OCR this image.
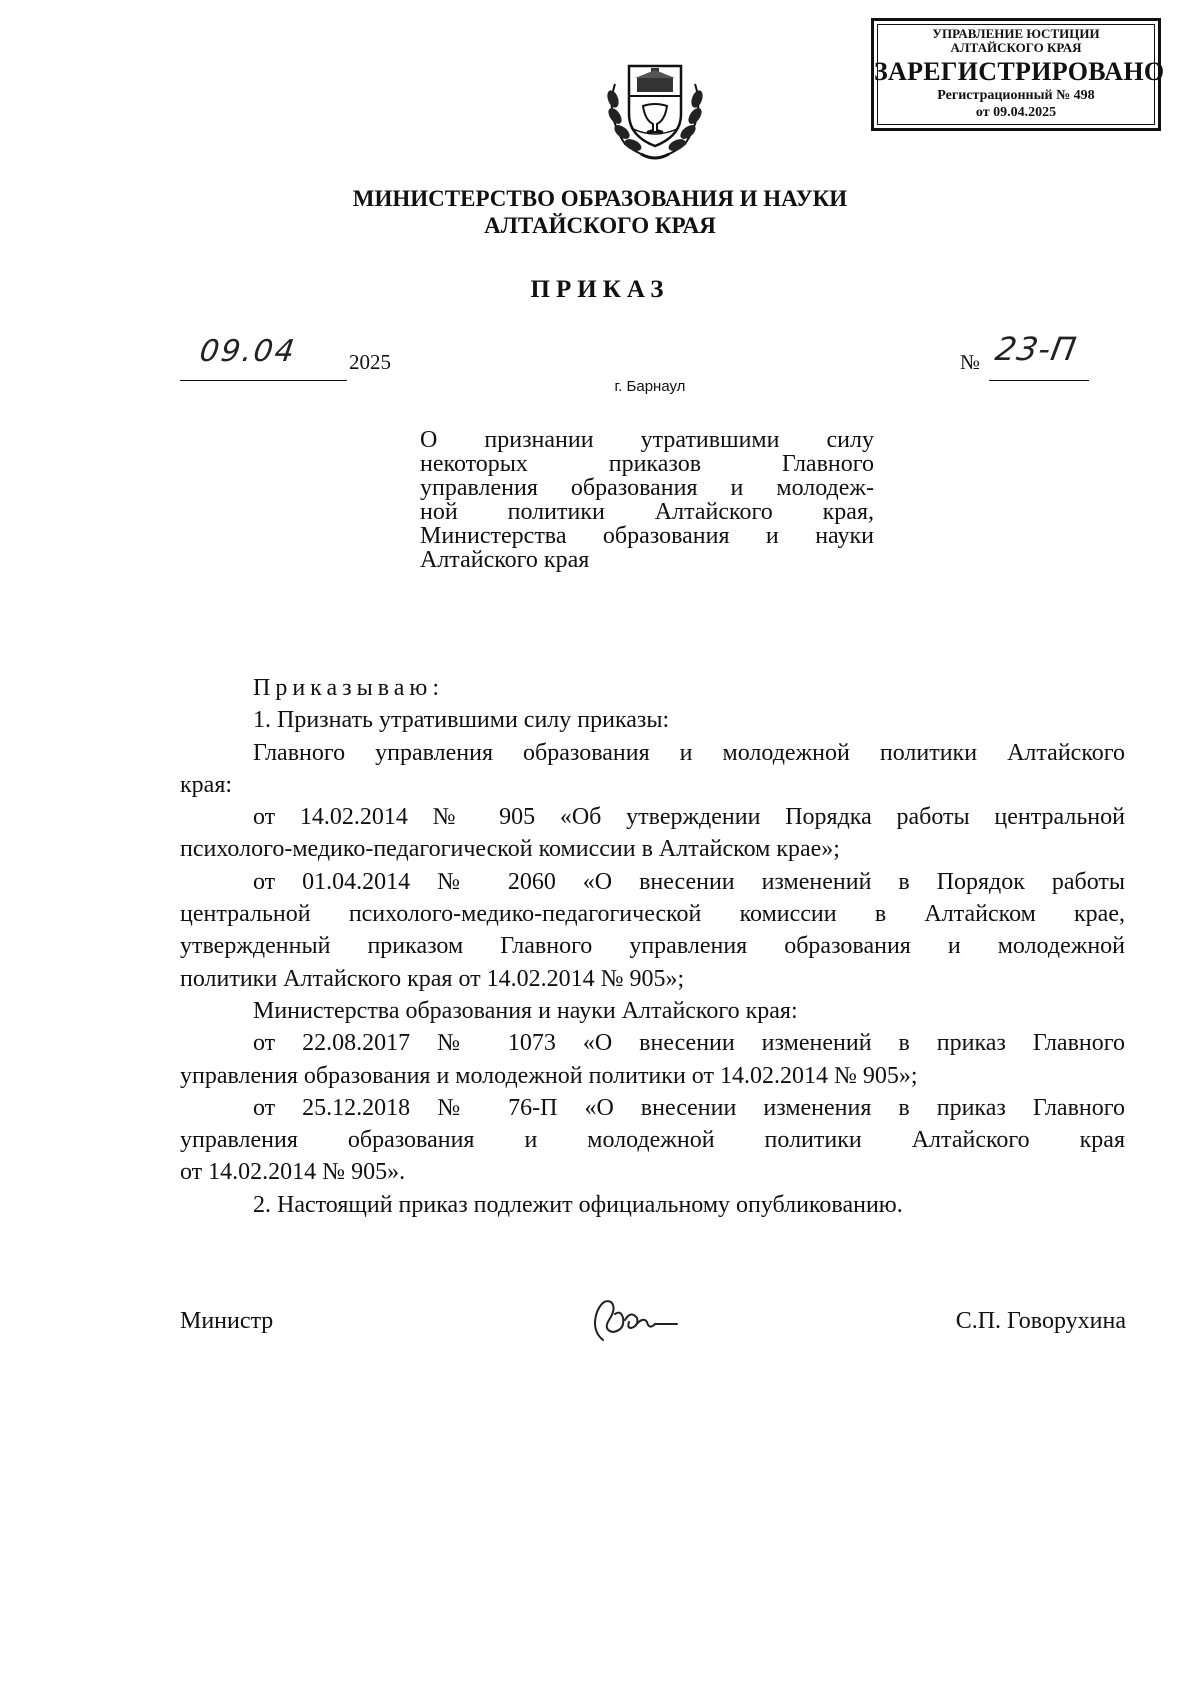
УПРАВЛЕНИЕ ЮСТИЦИИ
АЛТАЙСКОГО КРАЯ
ЗАРЕГИСТРИРОВАНО
Регистрационный № 498
от 09.04.2025
МИНИСТЕРСТВО ОБРАЗОВАНИЯ И НАУКИ
АЛТАЙСКОГО КРАЯ
ПРИКАЗ
09.04 2025	№ 23-П
г. Барнаул
О признании утратившими силу
некоторых приказов Главного
управления образования и молодеж-
ной политики Алтайского края,
Министерства образования и науки
Алтайского края
Приказываю:
1. Признать утратившими силу приказы:
Главного управления образования и молодежной политики Алтайского
края:
от 14.02.2014 № 905 «Об утверждении Порядка работы центральной
психолого-медико-педагогической комиссии в Алтайском крае»;
от 01.04.2014 № 2060 «О внесении изменений в Порядок работы
центральной психолого-медико-педагогической комиссии в Алтайском крае,
утвержденный приказом Главного управления образования и молодежной
политики Алтайского края от 14.02.2014 № 905»;
Министерства образования и науки Алтайского края:
от 22.08.2017 № 1073 «О внесении изменений в приказ Главного
управления образования и молодежной политики от 14.02.2014 № 905»;
от 25.12.2018 № 76-П «О внесении изменения в приказ Главного
управления образования и молодежной политики Алтайского края
от 14.02.2014 № 905».
2. Настоящий приказ подлежит официальному опубликованию.
Министр	С.П. Говорухина
